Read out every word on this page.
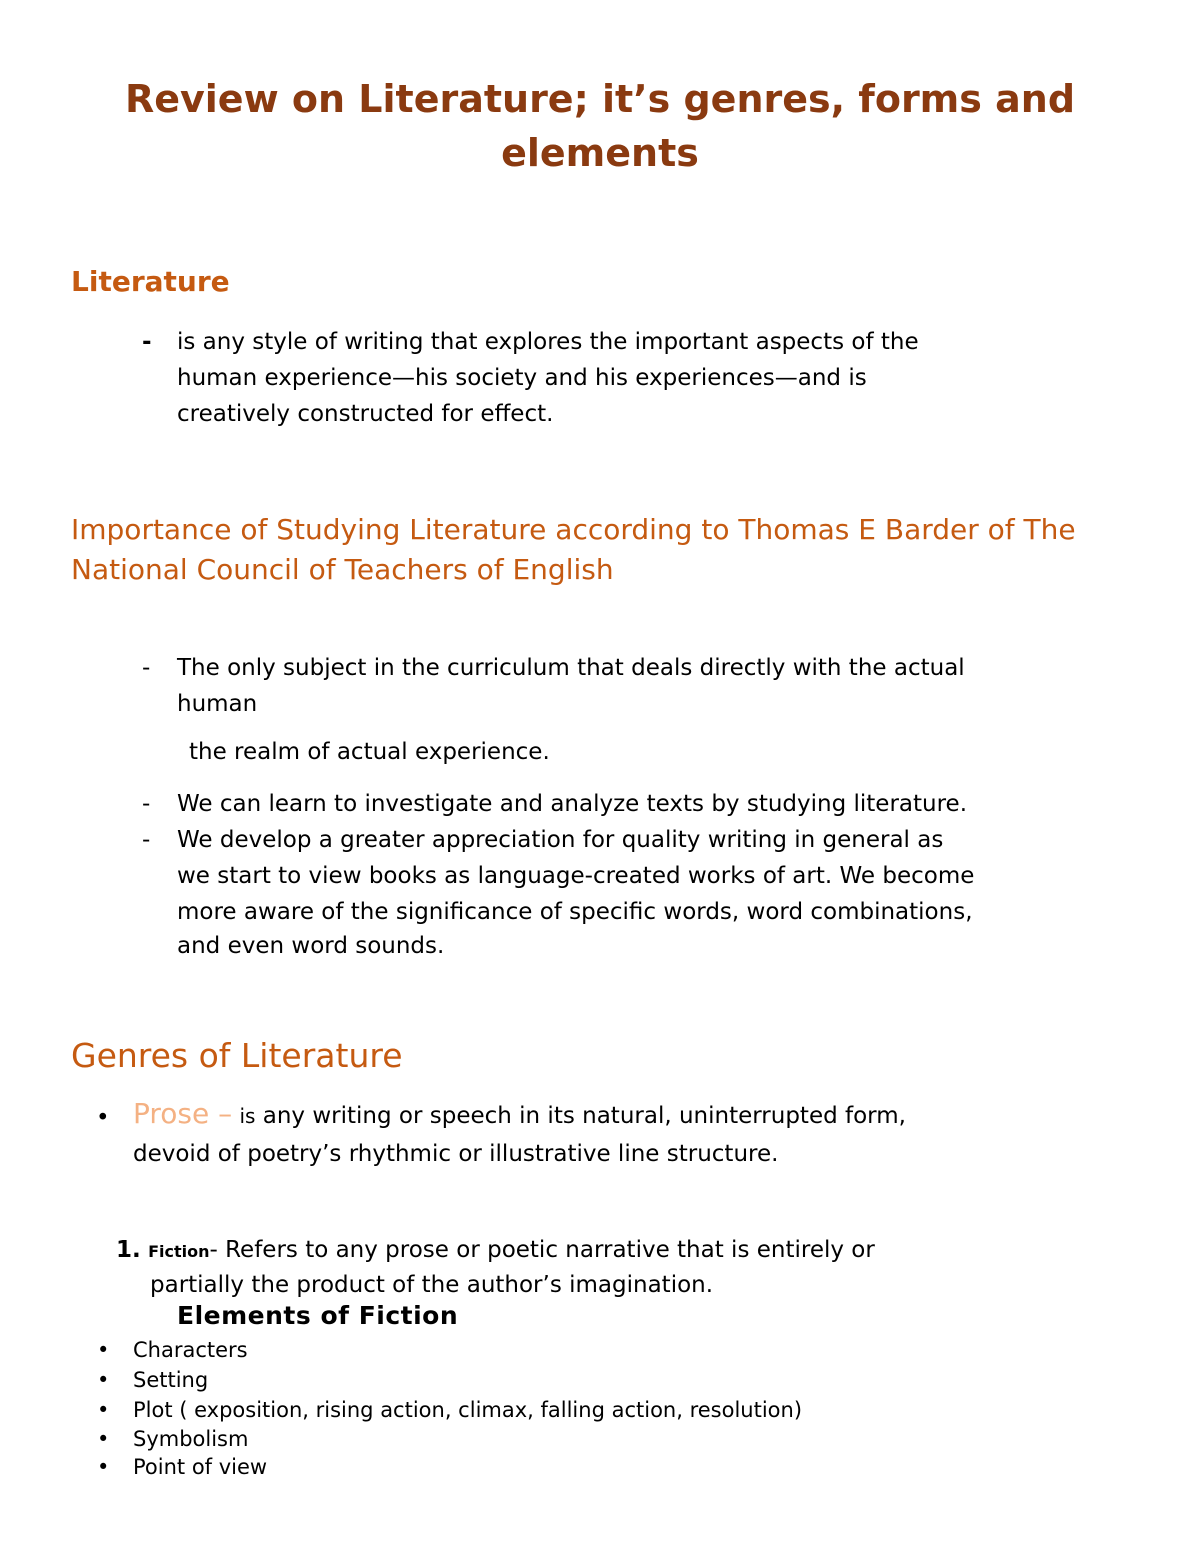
Review on Literature; it’s genres, forms and elements
Literature
- is any style of writing that explores the important aspects of the

human experience—his society and his experiences—and is

creatively constructed for effect.

Importance of Studying Literature according to Thomas E Barder of The National Council of Teachers of English
- The only subject in the curriculum that deals directly with the actual

human

the realm of actual experience.

- We can learn to investigate and analyze texts by studying literature.

- We develop a greater appreciation for quality writing in general as

we start to view books as language-created works of art. We become

more aware of the significance of specific words, word combinations,

and even word sounds.

Genres of Literature
• Prose – is any writing or speech in its natural, uninterrupted form,

devoid of poetry’s rhythmic or illustrative line structure.

1. Fiction- Refers to any prose or poetic narrative that is entirely or

partially the product of the author’s imagination.

Elements of Fiction
• Characters
• Setting
• Plot ( exposition, rising action, climax, falling action, resolution)
• Symbolism
• Point of view
